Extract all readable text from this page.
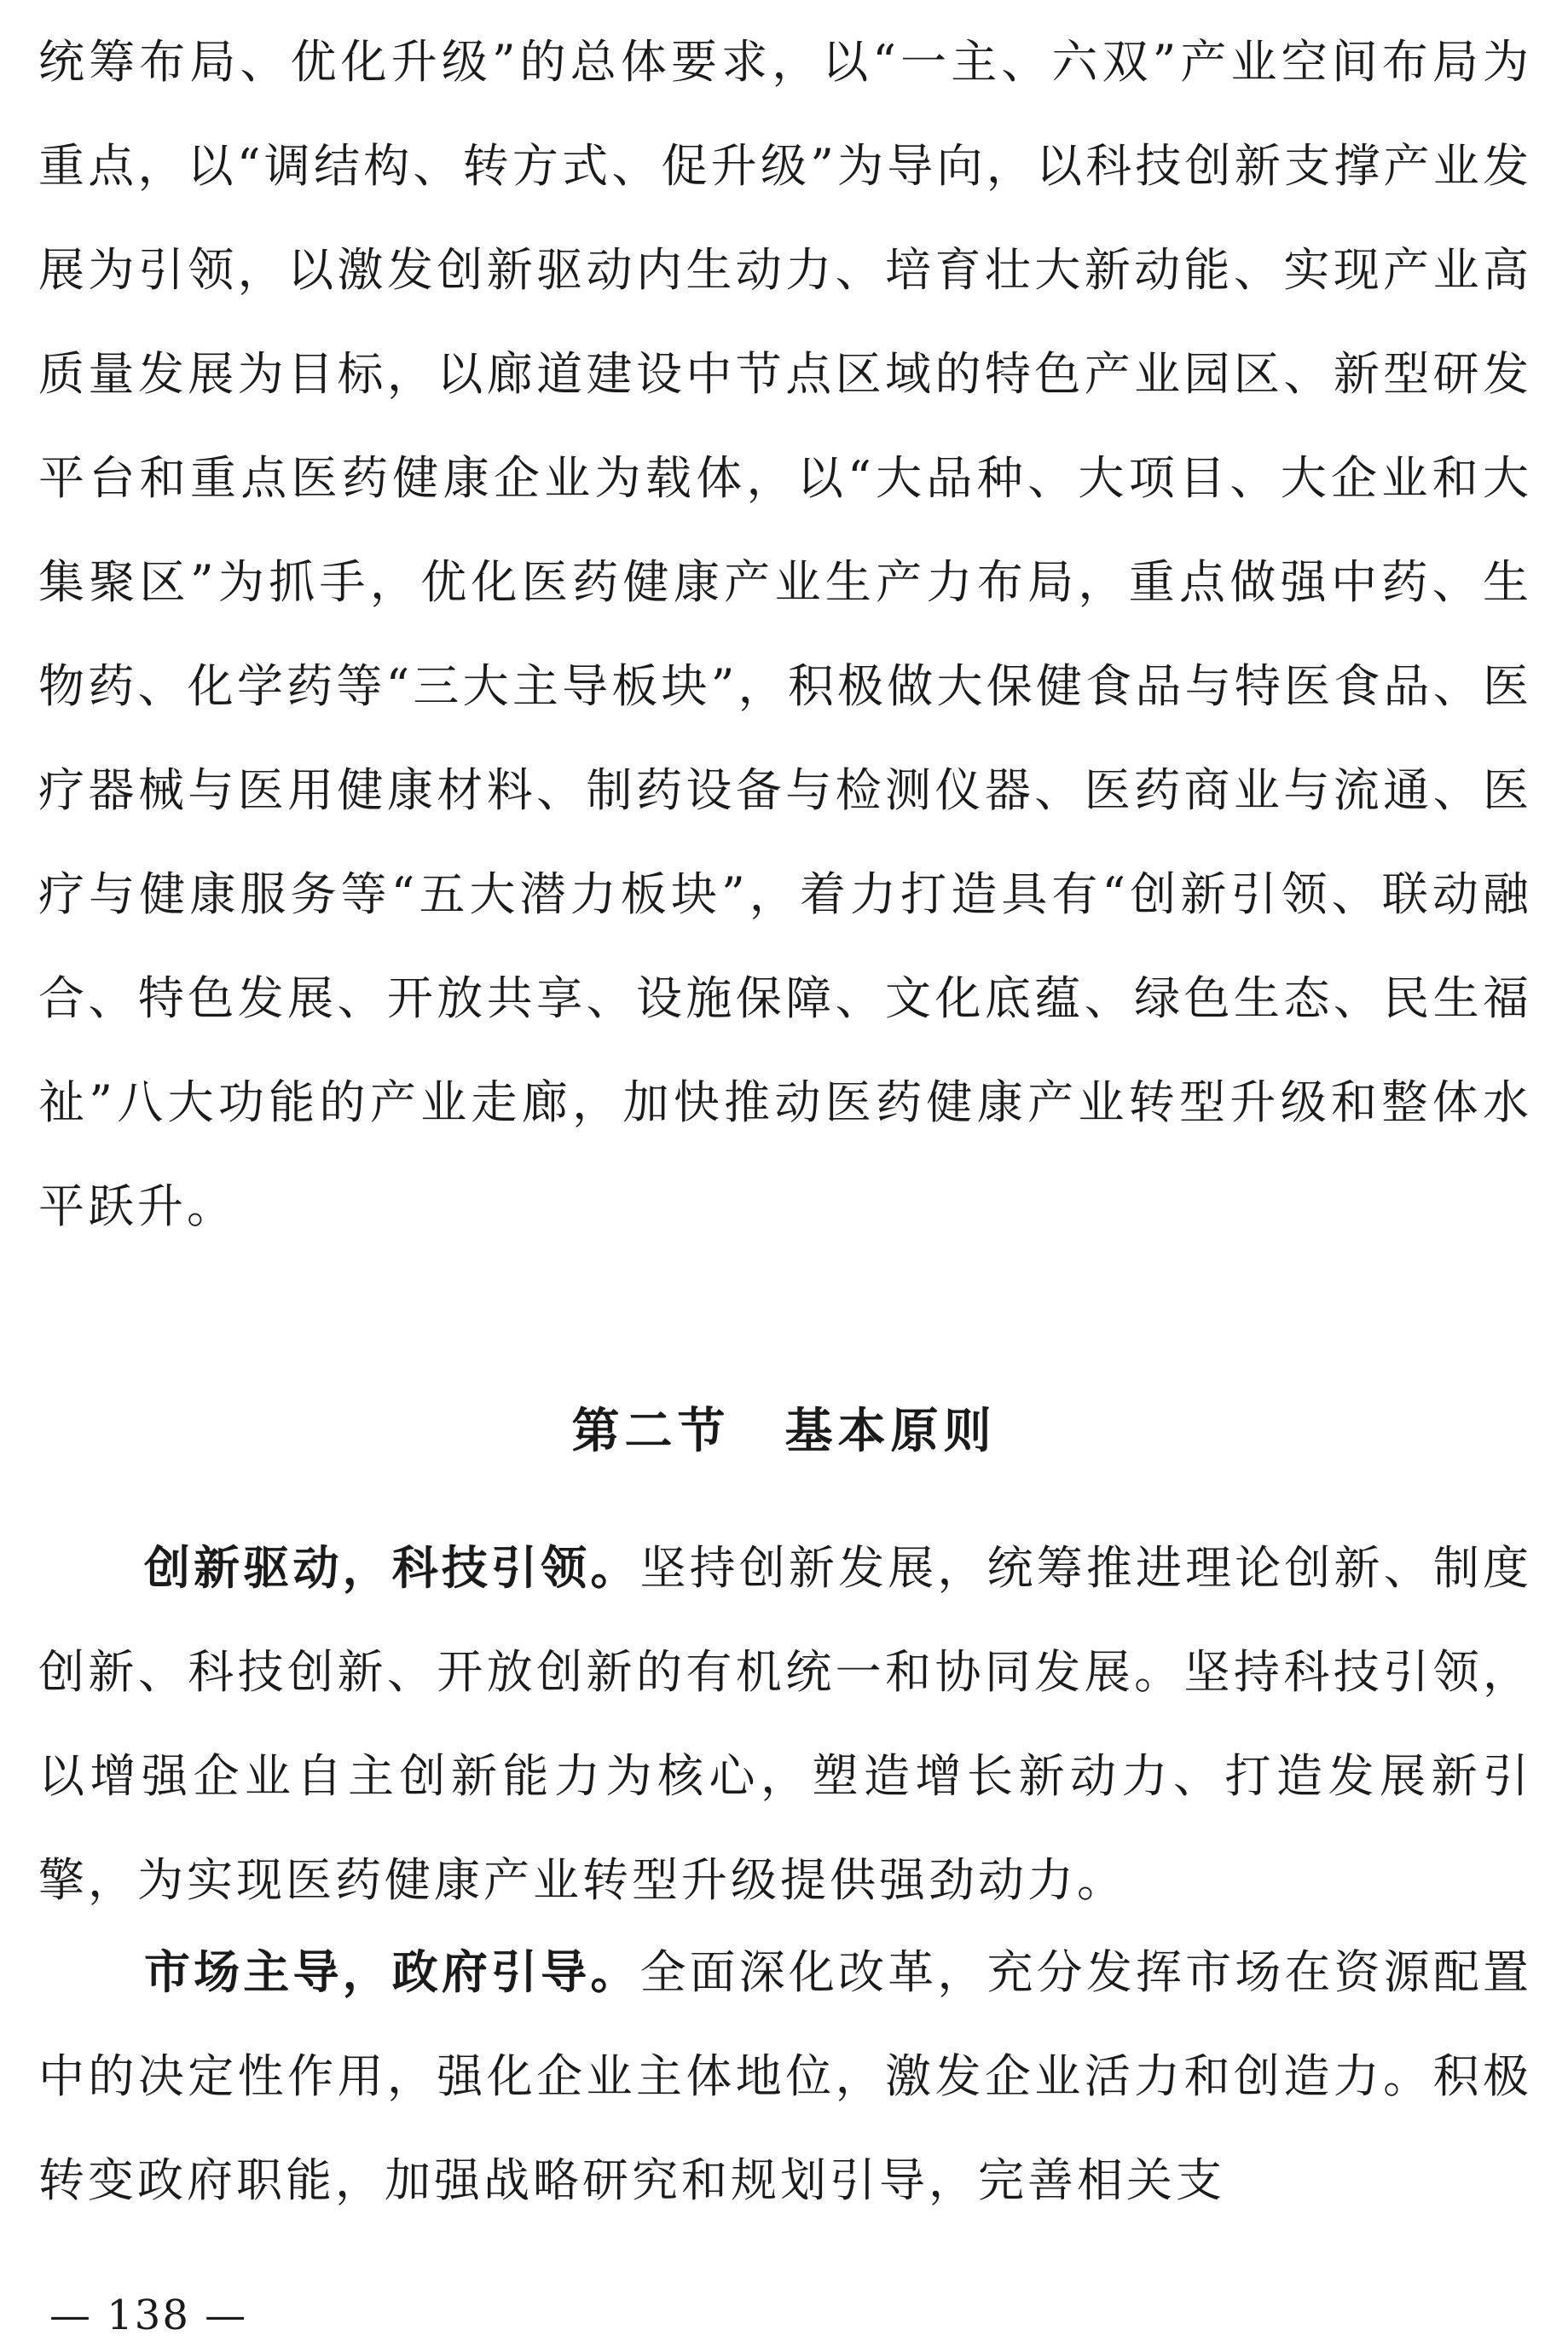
统筹布局、优化升级”的总体要求，以“一主、六双”产业空间布局为重点，以“调结构、转方式、促升级”为导向，以科技创新支撑产业发展为引领，以激发创新驱动内生动力、培育壮大新动能、实现产业高质量发展为目标，以廊道建设中节点区域的特色产业园区、新型研发平台和重点医药健康企业为载体，以“大品种、大项目、大企业和大集聚区”为抓手，优化医药健康产业生产力布局，重点做强中药、生物药、化学药等“三大主导板块”，积极做大保健食品与特医食品、医疗器械与医用健康材料、制药设备与检测仪器、医药商业与流通、医疗与健康服务等“五大潜力板块”，着力打造具有“创新引领、联动融合、特色发展、开放共享、设施保障、文化底蕴、绿色生态、民生福祉”八大功能的产业走廊，加快推动医药健康产业转型升级和整体水平跃升。

第二节 基本原则

创新驱动，科技引领。坚持创新发展，统筹推进理论创新、制度创新、科技创新、开放创新的有机统一和协同发展。坚持科技引领，以增强企业自主创新能力为核心，塑造增长新动力、打造发展新引擎，为实现医药健康产业转型升级提供强劲动力。

市场主导，政府引导。全面深化改革，充分发挥市场在资源配置中的决定性作用，强化企业主体地位，激发企业活力和创造力。积极转变政府职能，加强战略研究和规划引导，完善相关支

— 138 —
